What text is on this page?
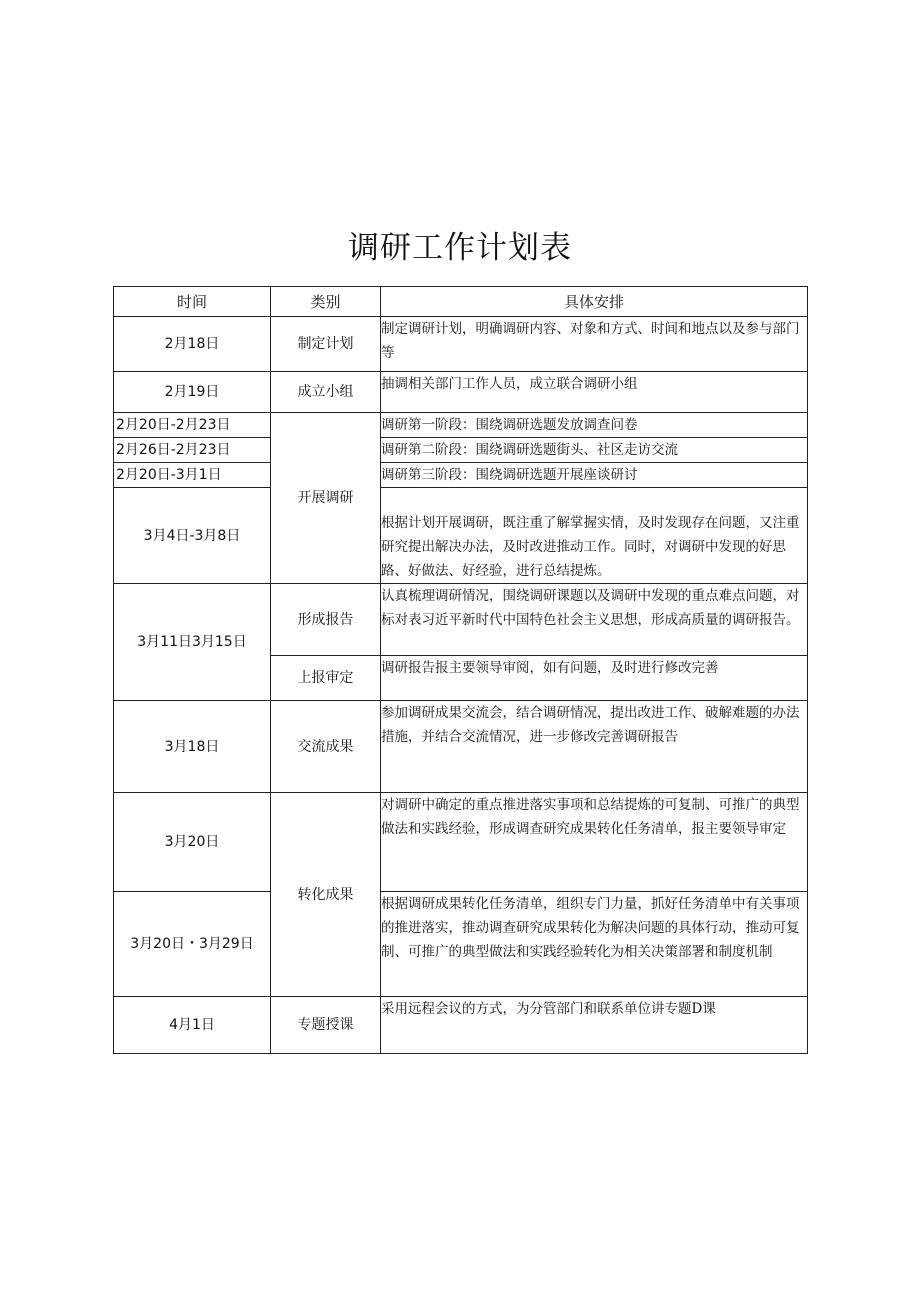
调研工作计划表
时间	类别	具体安排
2月18日	制定计划	制定调研计划，明确调研内容、对象和方式、时间和地点以及参与部门等
2月19日	成立小组	抽调相关部门工作人员，成立联合调研小组
2月20日-2月23日	开展调研	调研第一阶段：围绕调研选题发放调查问卷
2月26日-2月23日		调研第二阶段：围绕调研选题街头、社区走访交流
2月20日-3月1日		调研第三阶段：围绕调研选题开展座谈研讨
3月4日-3月8日		根据计划开展调研，既注重了解掌握实情，及时发现存在问题，又注重研究提出解决办法，及时改进推动工作。同时，对调研中发现的好思路、好做法、好经验，进行总结提炼。
3月11日3月15日	形成报告	认真梳理调研情况，围绕调研课题以及调研中发现的重点难点问题，对标对表习近平新时代中国特色社会主义思想，形成高质量的调研报告。
	上报审定	调研报告报主要领导审阅，如有问题，及时进行修改完善
3月18日	交流成果	参加调研成果交流会，结合调研情况，提出改进工作、破解难题的办法措施，并结合交流情况，进一步修改完善调研报告
3月20日	转化成果	对调研中确定的重点推进落实事项和总结提炼的可复制、可推广的典型做法和实践经验，形成调查研究成果转化任务清单，报主要领导审定
3月20日・3月29日		根据调研成果转化任务清单，组织专门力量，抓好任务清单中有关事项的推进落实，推动调查研究成果转化为解决问题的具体行动，推动可复制、可推广的典型做法和实践经验转化为相关决策部署和制度机制
4月1日	专题授课	采用远程会议的方式，为分管部门和联系单位讲专题D课
